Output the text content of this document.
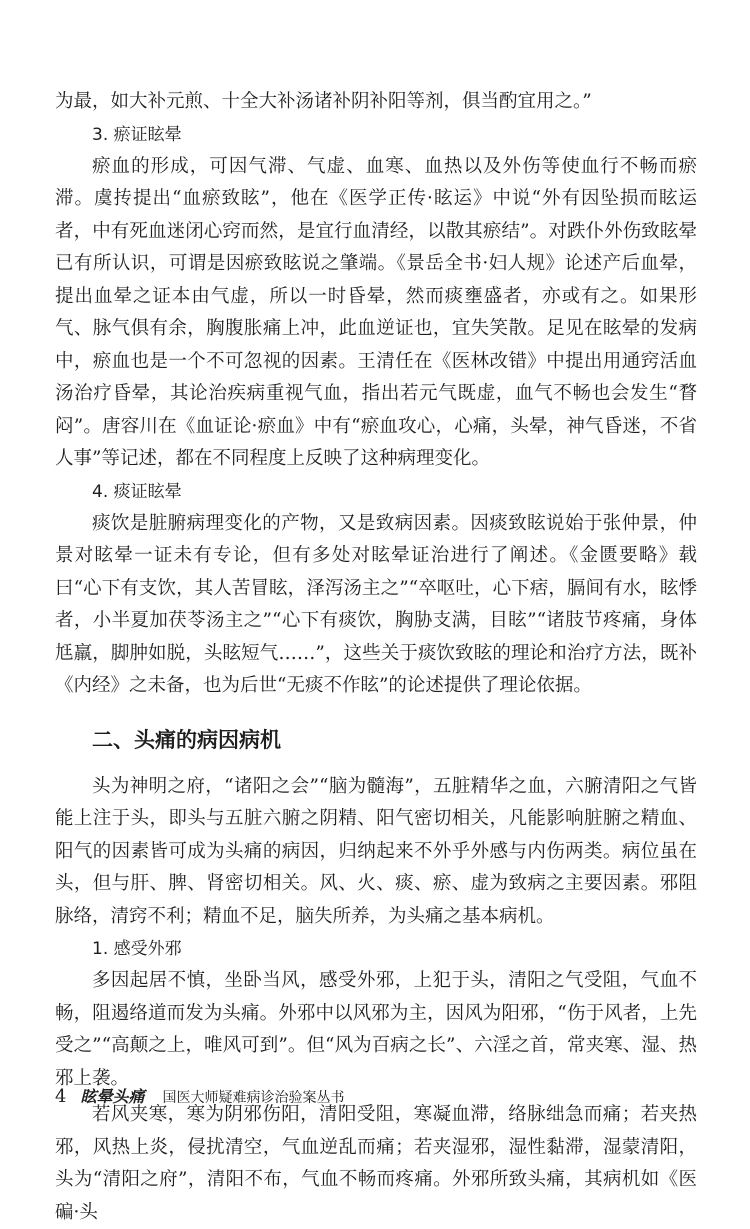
为最，如大补元煎、十全大补汤诸补阴补阳等剂，俱当酌宜用之。”

3. 瘀证眩晕

瘀血的形成，可因气滞、气虚、血寒、血热以及外伤等使血行不畅而瘀滞。虞抟提出“血瘀致眩”，他在《医学正传·眩运》中说“外有因坠损而眩运者，中有死血迷闭心窍而然，是宜行血清经，以散其瘀结”。对跌仆外伤致眩晕已有所认识，可谓是因瘀致眩说之肇端。《景岳全书·妇人规》论述产后血晕，提出血晕之证本由气虚，所以一时昏晕，然而痰壅盛者，亦或有之。如果形气、脉气俱有余，胸腹胀痛上冲，此血逆证也，宜失笑散。足见在眩晕的发病中，瘀血也是一个不可忽视的因素。王清任在《医林改错》中提出用通窍活血汤治疗昏晕，其论治疾病重视气血，指出若元气既虚，血气不畅也会发生“瞀闷”。唐容川在《血证论·瘀血》中有“瘀血攻心，心痛，头晕，神气昏迷，不省人事”等记述，都在不同程度上反映了这种病理变化。

4. 痰证眩晕

痰饮是脏腑病理变化的产物，又是致病因素。因痰致眩说始于张仲景，仲景对眩晕一证未有专论，但有多处对眩晕证治进行了阐述。《金匮要略》载曰“心下有支饮，其人苦冒眩，泽泻汤主之”“卒呕吐，心下痞，膈间有水，眩悸者，小半夏加茯苓汤主之”“心下有痰饮，胸胁支满，目眩”“诸肢节疼痛，身体尪羸，脚肿如脱，头眩短气……”，这些关于痰饮致眩的理论和治疗方法，既补《内经》之未备，也为后世“无痰不作眩”的论述提供了理论依据。

二、头痛的病因病机

头为神明之府，“诸阳之会”“脑为髓海”，五脏精华之血，六腑清阳之气皆能上注于头，即头与五脏六腑之阴精、阳气密切相关，凡能影响脏腑之精血、阳气的因素皆可成为头痛的病因，归纳起来不外乎外感与内伤两类。病位虽在头，但与肝、脾、肾密切相关。风、火、痰、瘀、虚为致病之主要因素。邪阻脉络，清窍不利；精血不足，脑失所养，为头痛之基本病机。

1. 感受外邪

多因起居不慎，坐卧当风，感受外邪，上犯于头，清阳之气受阻，气血不畅，阻遏络道而发为头痛。外邪中以风邪为主，因风为阳邪，“伤于风者，上先受之”“高颠之上，唯风可到”。但“风为百病之长”、六淫之首，常夹寒、湿、热邪上袭。

若风夹寒，寒为阴邪伤阳，清阳受阻，寒凝血滞，络脉绌急而痛；若夹热邪，风热上炎，侵扰清空，气血逆乱而痛；若夹湿邪，湿性黏滞，湿蒙清阳，头为“清阳之府”，清阳不布，气血不畅而疼痛。外邪所致头痛，其病机如《医碥·头

4 眩晕头痛 国医大师疑难病诊治验案丛书
